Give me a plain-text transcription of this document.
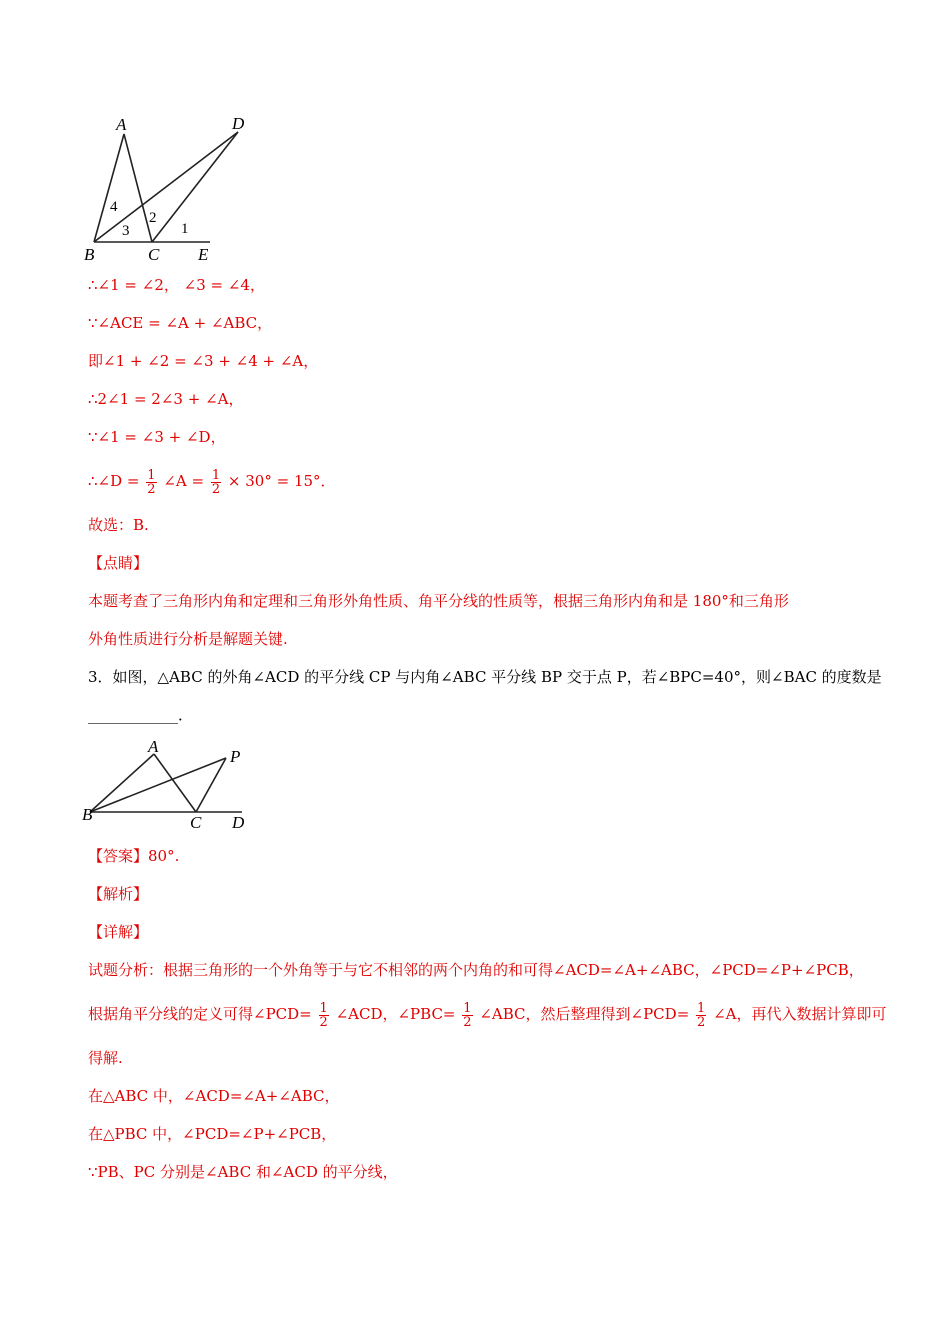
A	D
B	C E
1
2
3
4
∴∠1 = ∠2， ∠3 = ∠4，
∵∠ACE = ∠A + ∠ABC，
即∠1 + ∠2 = ∠3 + ∠4 + ∠A，
∴2∠1 = 2∠3 + ∠A，
∵∠1 = ∠3 + ∠D，
∴∠D = $\frac{1}{2}$ ∠A = $\frac{1}{2} \times 30^\circ = 15^\circ$．
故选：B.
【点睛】
本题考查了三角形内角和定理和三角形外角性质、角平分线的性质等，根据三角形内角和是 180°和三角形
外角性质进行分析是解题关键.
3．如图，△ABC 的外角∠ACD 的平分线 CP 与内角∠ABC 平分线 BP 交于点 P，若∠BPC=40°，则∠BAC 的度数是
____________．
A
P
B	C D
【答案】80°.
【解析】
【详解】
试题分析：根据三角形的一个外角等于与它不相邻的两个内角的和可得∠ACD=∠A+∠ABC，∠PCD=∠P+∠PCB，
根据角平分线的定义可得∠PCD= $\frac{1}{2}$ ∠ACD，∠PBC= $\frac{1}{2}$ ∠ABC，然后整理得到∠PCD= $\frac{1}{2}$ ∠A，再代入数据计算即可
得解.
在△ABC 中，∠ACD=∠A+∠ABC，
在△PBC 中，∠PCD=∠P+∠PCB，
∵PB、PC 分别是∠ABC 和∠ACD 的平分线，
